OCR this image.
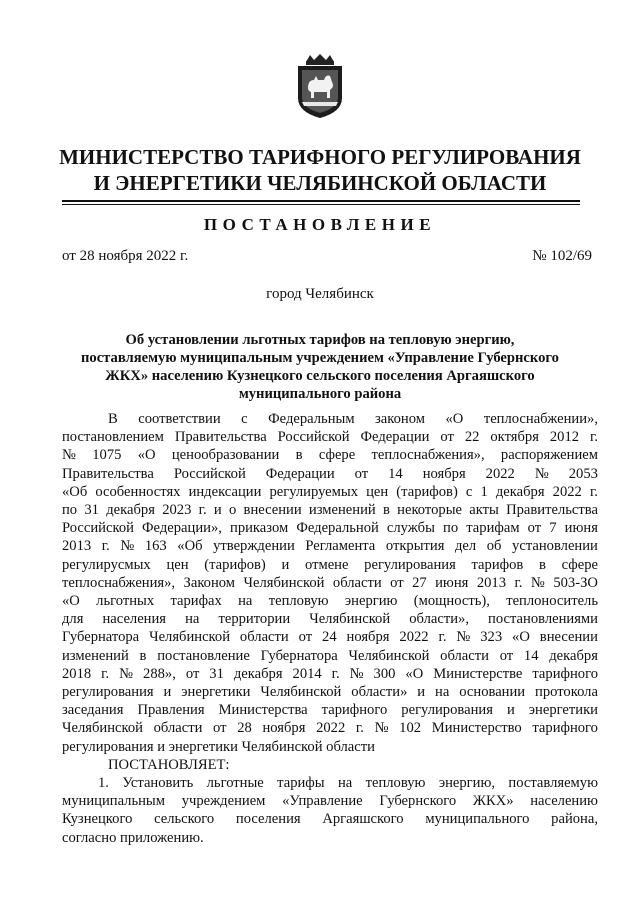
МИНИСТЕРСТВО ТАРИФНОГО РЕГУЛИРОВАНИЯ
И ЭНЕРГЕТИКИ ЧЕЛЯБИНСКОЙ ОБЛАСТИ
ПОСТАНОВЛЕНИЕ
от 28 ноября 2022 г.	№ 102/69
город Челябинск
Об установлении льготных тарифов на тепловую энергию,
поставляемую муниципальным учреждением «Управление Губернского
ЖКХ» населению Кузнецкого сельского поселения Аргаяшского
муниципального района
В соответствии с Федеральным законом «О теплоснабжении»,
постановлением Правительства Российской Федерации от 22 октября 2012 г.
№ 1075 «О ценообразовании в сфере теплоснабжения», распоряжением
Правительства Российской Федерации от 14 ноября 2022 № 2053
«Об особенностях индексации регулируемых цен (тарифов) с 1 декабря 2022 г.
по 31 декабря 2023 г. и о внесении изменений в некоторые акты Правительства
Российской Федерации», приказом Федеральной службы по тарифам от 7 июня
2013 г. № 163 «Об утверждении Регламента открытия дел об установлении
регулирусмых цен (тарифов) и отмене регулирования тарифов в сфере
теплоснабжения», Законом Челябинской области от 27 июня 2013 г. № 503-ЗО
«О льготных тарифах на тепловую энергию (мощность), теплоноситель
для населения на территории Челябинской области», постановлениями
Губернатора Челябинской области от 24 ноября 2022 г. № 323 «О внесении
изменений в постановление Губернатора Челябинской области от 14 декабря
2018 г. № 288», от 31 декабря 2014 г. № 300 «О Министерстве тарифного
регулирования и энергетики Челябинской области» и на основании протокола
заседания Правления Министерства тарифного регулирования и энергетики
Челябинской области от 28 ноября 2022 г. № 102 Министерство тарифного
регулирования и энергетики Челябинской области
ПОСТАНОВЛЯЕТ:
1. Установить льготные тарифы на тепловую энергию, поставляемую
муниципальным учреждением «Управление Губернского ЖКХ» населению
Кузнецкого сельского поселения Аргаяшского муниципального района,
согласно приложению.
